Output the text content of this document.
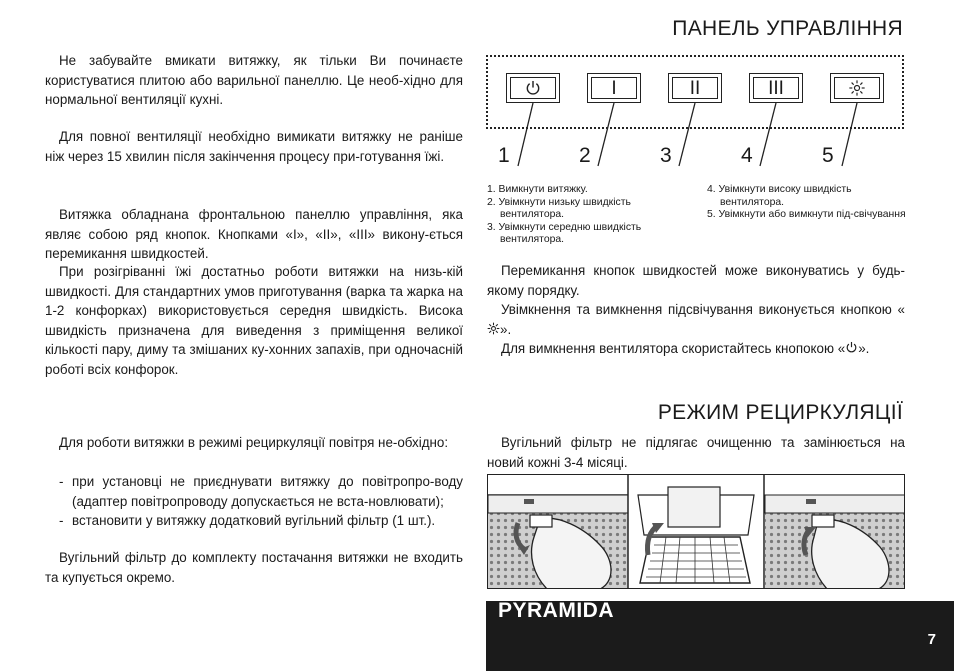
Не забувайте вмикати витяжку, як тільки Ви починаєте користуватися плитою або варильної панеллю. Це необ-хідно для нормальної вентиляції кухні.

Для повної вентиляції необхідно вимикати витяжку не раніше ніж через 15 хвилин після закінчення процесу при-готування їжі.

Витяжка обладнана фронтальною панеллю управління, яка являє собою ряд кнопок. Кнопками «I», «II», «III» викону-ється перемикання швидкостей.

При розігріванні їжі достатньо роботи витяжки на низь-кій швидкості. Для стандартних умов приготування (варка та жарка на 1-2 конфорках) використовується середня швидкість. Висока швидкість призначена для виведення з приміщення великої кількості пару, диму та змішаних ку-хонних запахів, при одночасній роботі всіх конфорок.

Для роботи витяжки в режимі рециркуляції повітря не-обхідно:

- при установці не приєднувати витяжку до повітропро-воду (адаптер повітропроводу допускається не вста-новлювати);
- встановити у витяжку додатковий вугільний фільтр (1 шт.).

Вугільний фільтр до комплекту постачання витяжки не входить та купується окремо.

ПАНЕЛЬ УПРАВЛІННЯ
I	II	III
1	2	3	4	5
1. Вимкнути витяжку.
2. Увімкнути низьку швидкість вентилятора.
3. Увімкнути середню швидкість вентилятора.
4. Увімкнути високу швидкість вентилятора.
5. Увімкнути або вимкнути під-свічування

Перемикання кнопок швидкостей може виконуватись у будь-якому порядку.

Увімкнення та вимкнення підсвічування виконується кнопкою «».

Для вимкнення вентилятора скористайтесь кнопокою « ».

РЕЖИМ РЕЦИРКУЛЯЦІЇ

Вугільний фільтр не підлягає очищенню та замінюється на новий кожні 3-4 місяці.

PYRAMIDA
7
